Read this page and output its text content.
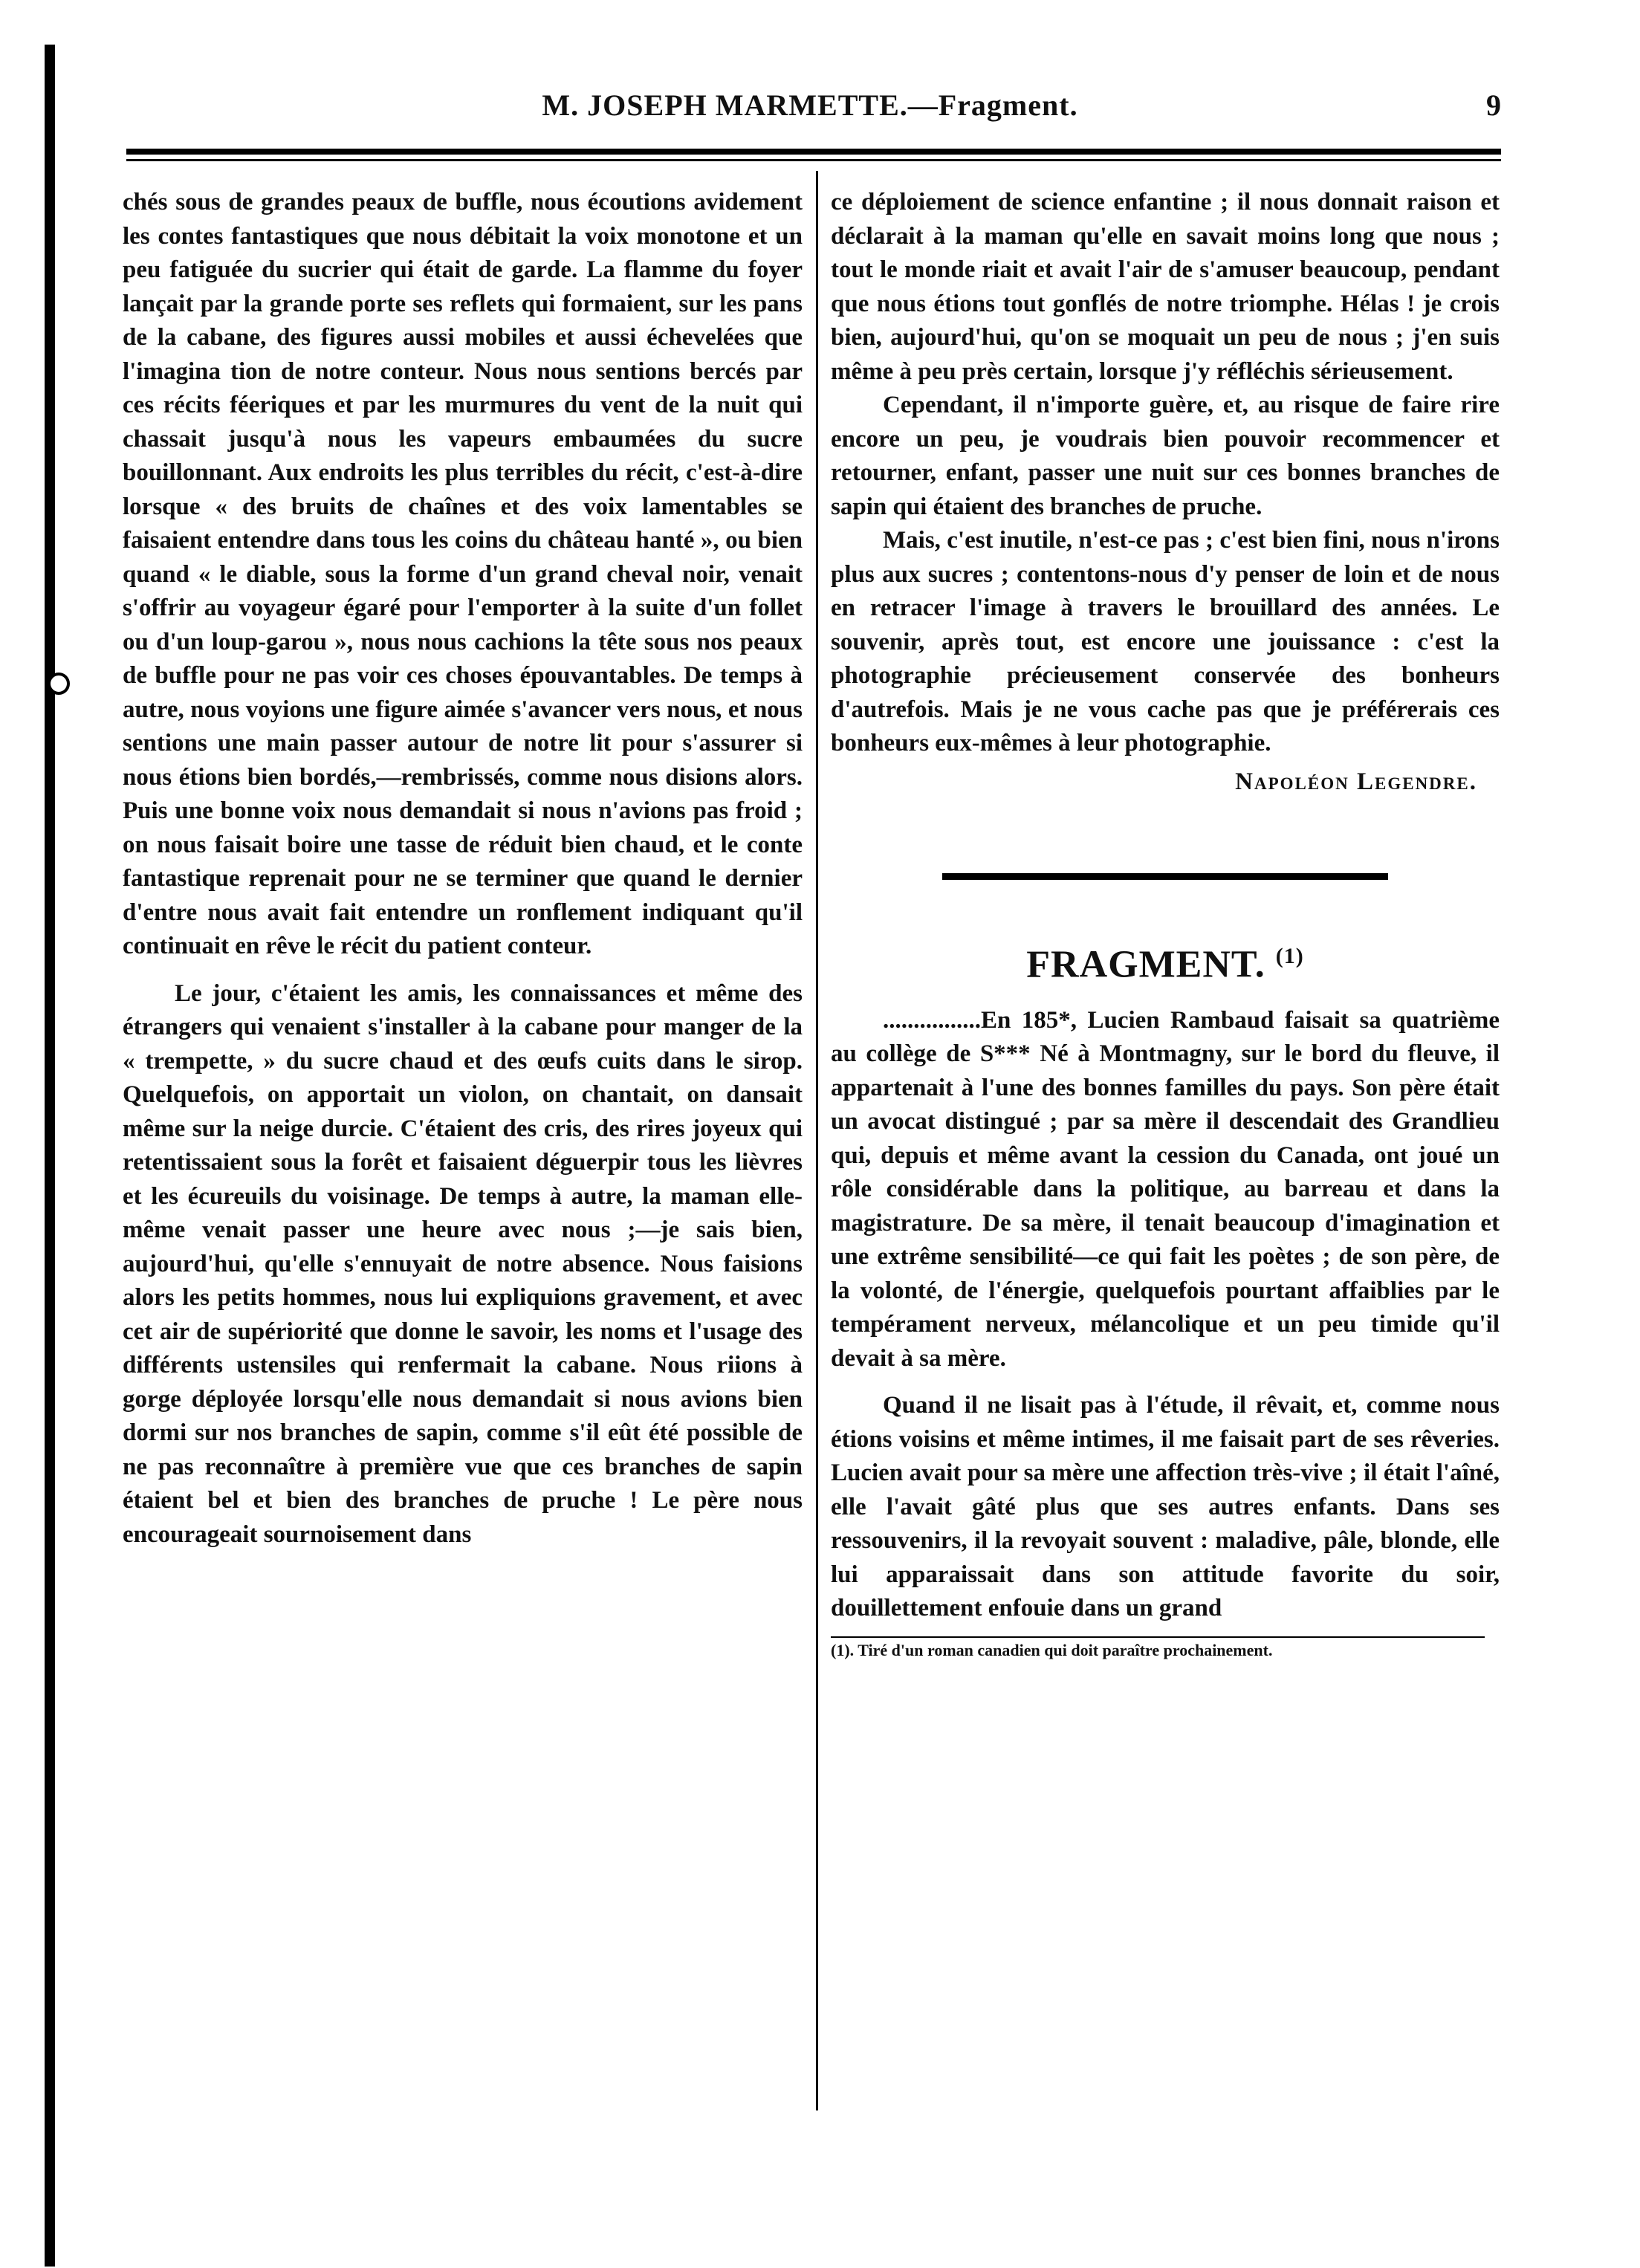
M. JOSEPH MARMETTE.—Fragment.	9

chés sous de grandes peaux de buffle, nous écoutions avidement les contes fantastiques que nous débitait la voix monotone et un peu fatiguée du sucrier qui était de garde. La flamme du foyer lançait par la grande porte ses reflets qui formaient, sur les pans de la cabane, des figures aussi mobiles et aussi échevelées que l'imagina tion de notre conteur. Nous nous sentions bercés par ces récits féeriques et par les murmures du vent de la nuit qui chassait jusqu'à nous les vapeurs embaumées du sucre bouillonnant. Aux endroits les plus terribles du récit, c'est-à-dire lorsque « des bruits de chaînes et des voix lamentables se faisaient entendre dans tous les coins du château hanté », ou bien quand « le diable, sous la forme d'un grand cheval noir, venait s'offrir au voyageur égaré pour l'emporter à la suite d'un follet ou d'un loup-garou », nous nous cachions la tête sous nos peaux de buffle pour ne pas voir ces choses épouvantables. De temps à autre, nous voyions une figure aimée s'avancer vers nous, et nous sentions une main passer autour de notre lit pour s'assurer si nous étions bien bordés,—rembrissés, comme nous disions alors. Puis une bonne voix nous demandait si nous n'avions pas froid ; on nous faisait boire une tasse de réduit bien chaud, et le conte fantastique reprenait pour ne se terminer que quand le dernier d'entre nous avait fait entendre un ronflement indiquant qu'il continuait en rêve le récit du patient conteur.

Le jour, c'étaient les amis, les connaissances et même des étrangers qui venaient s'installer à la cabane pour manger de la « trempette, » du sucre chaud et des œufs cuits dans le sirop. Quelquefois, on apportait un violon, on chantait, on dansait même sur la neige durcie. C'étaient des cris, des rires joyeux qui retentissaient sous la forêt et faisaient déguerpir tous les lièvres et les écureuils du voisinage. De temps à autre, la maman elle-même venait passer une heure avec nous ;—je sais bien, aujourd'hui, qu'elle s'ennuyait de notre absence. Nous faisions alors les petits hommes, nous lui expliquions gravement, et avec cet air de supériorité que donne le savoir, les noms et l'usage des différents ustensiles qui renfermait la cabane. Nous riions à gorge déployée lorsqu'elle nous demandait si nous avions bien dormi sur nos branches de sapin, comme s'il eût été possible de ne pas reconnaître à première vue que ces branches de sapin étaient bel et bien des branches de pruche ! Le père nous encourageait sournoisement dans

ce déploiement de science enfantine ; il nous donnait raison et déclarait à la maman qu'elle en savait moins long que nous ; tout le monde riait et avait l'air de s'amuser beaucoup, pendant que nous étions tout gonflés de notre triomphe. Hélas ! je crois bien, aujourd'hui, qu'on se moquait un peu de nous ; j'en suis même à peu près certain, lorsque j'y réfléchis sérieusement.

Cependant, il n'importe guère, et, au risque de faire rire encore un peu, je voudrais bien pouvoir recommencer et retourner, enfant, passer une nuit sur ces bonnes branches de sapin qui étaient des branches de pruche.

Mais, c'est inutile, n'est-ce pas ; c'est bien fini, nous n'irons plus aux sucres ; contentons-nous d'y penser de loin et de nous en retracer l'image à travers le brouillard des années. Le souvenir, après tout, est encore une jouissance : c'est la photographie précieusement conservée des bonheurs d'autrefois. Mais je ne vous cache pas que je préférerais ces bonheurs eux-mêmes à leur photographie.

Napoléon Legendre.
FRAGMENT. $^{(1)}$

................En 185*, Lucien Rambaud faisait sa quatrième au collège de S*** Né à Montmagny, sur le bord du fleuve, il appartenait à l'une des bonnes familles du pays. Son père était un avocat distingué ; par sa mère il descendait des Grandlieu qui, depuis et même avant la cession du Canada, ont joué un rôle considérable dans la politique, au barreau et dans la magistrature. De sa mère, il tenait beaucoup d'imagination et une extrême sensibilité—ce qui fait les poètes ; de son père, de la volonté, de l'énergie, quelquefois pourtant affaiblies par le tempérament nerveux, mélancolique et un peu timide qu'il devait à sa mère.

Quand il ne lisait pas à l'étude, il rêvait, et, comme nous étions voisins et même intimes, il me faisait part de ses rêveries. Lucien avait pour sa mère une affection très-vive ; il était l'aîné, elle l'avait gâté plus que ses autres enfants. Dans ses ressouvenirs, il la revoyait souvent : maladive, pâle, blonde, elle lui apparaissait dans son attitude favorite du soir, douillettement enfouie dans un grand

(1). Tiré d'un roman canadien qui doit paraître prochainement.
